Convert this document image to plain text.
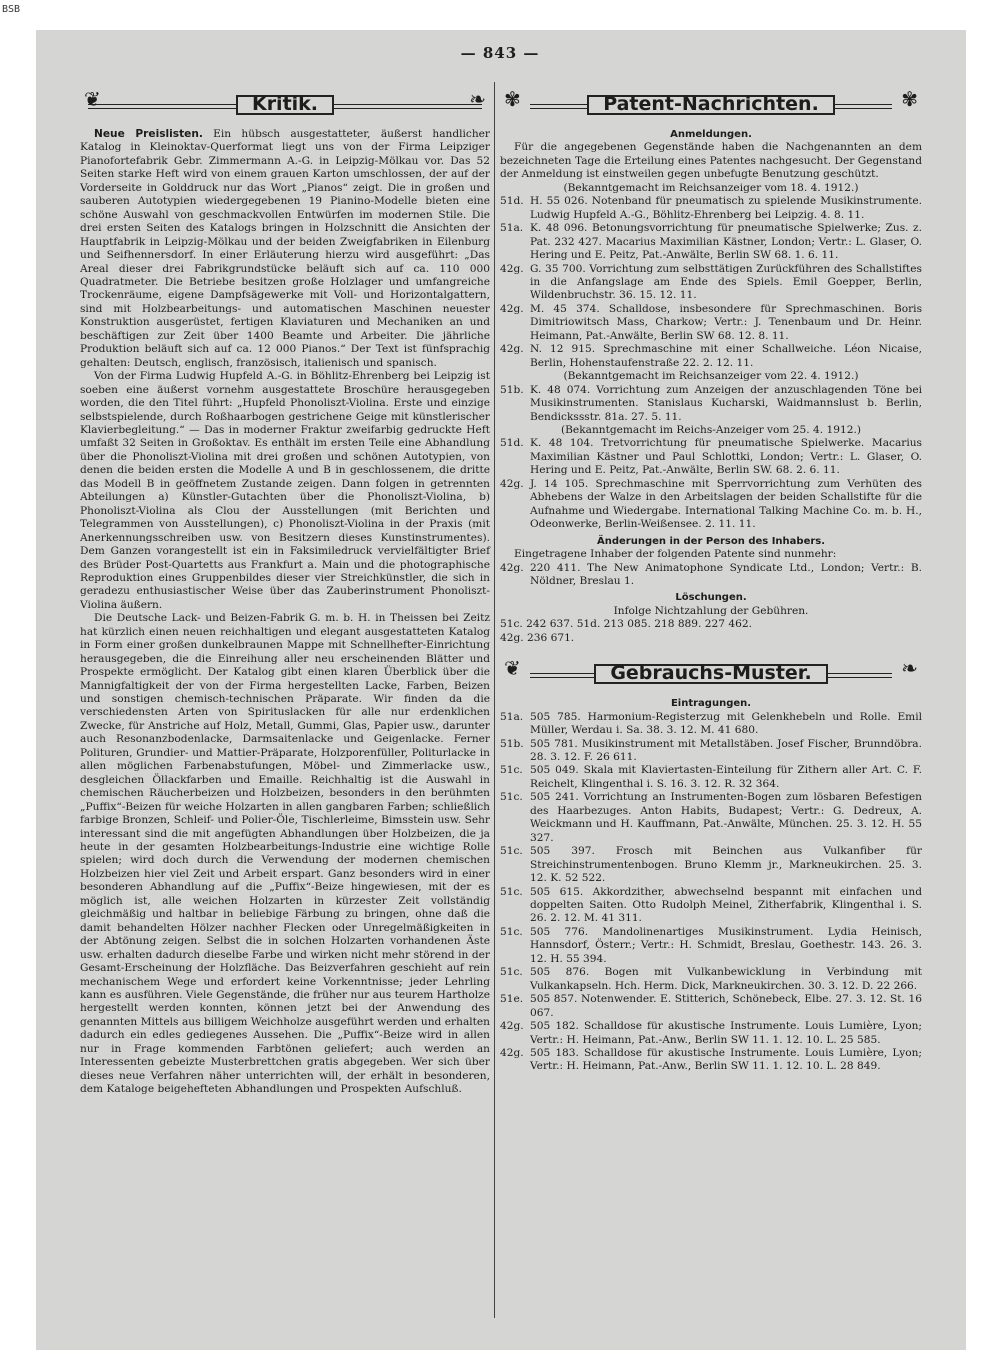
BSB
— 843 —
❦	Kritik.	❧

Neue Preislisten. Ein hübsch ausgestatteter, äußerst handlicher Katalog in Kleinoktav-Querformat liegt uns von der Firma Leipziger Pianofortefabrik Gebr. Zimmermann A.-G. in Leipzig-Mölkau vor. Das 52 Seiten starke Heft wird von einem grauen Karton umschlossen, der auf der Vorderseite in Golddruck nur das Wort „Pianos“ zeigt. Die in großen und sauberen Autotypien wiedergegebenen 19 Pianino-Modelle bieten eine schöne Auswahl von geschmackvollen Entwürfen im modernen Stile. Die drei ersten Seiten des Katalogs bringen in Holzschnitt die Ansichten der Hauptfabrik in Leipzig-Mölkau und der beiden Zweigfabriken in Eilenburg und Seifhennersdorf. In einer Erläuterung hierzu wird ausgeführt: „Das Areal dieser drei Fabrikgrundstücke beläuft sich auf ca. 110 000 Quadratmeter. Die Betriebe besitzen große Holzlager und umfangreiche Trockenräume, eigene Dampfsägewerke mit Voll- und Horizontalgattern, sind mit Holzbearbeitungs- und automatischen Maschinen neuester Konstruktion ausgerüstet, fertigen Klaviaturen und Mechaniken an und beschäftigen zur Zeit über 1400 Beamte und Arbeiter. Die jährliche Produktion beläuft sich auf ca. 12 000 Pianos.“ Der Text ist fünfsprachig gehalten: Deutsch, englisch, französisch, italienisch und spanisch.

Von der Firma Ludwig Hupfeld A.-G. in Böhlitz-Ehrenberg bei Leipzig ist soeben eine äußerst vornehm ausgestattete Broschüre herausgegeben worden, die den Titel führt: „Hupfeld Phonoliszt-Violina. Erste und einzige selbstspielende, durch Roßhaarbogen gestrichene Geige mit künstlerischer Klavierbegleitung.“ — Das in moderner Fraktur zweifarbig gedruckte Heft umfaßt 32 Seiten in Großoktav. Es enthält im ersten Teile eine Abhandlung über die Phonoliszt-Violina mit drei großen und schönen Autotypien, von denen die beiden ersten die Modelle A und B in geschlossenem, die dritte das Modell B in geöffnetem Zustande zeigen. Dann folgen in getrennten Abteilungen a) Künstler-Gutachten über die Phonoliszt-Violina, b) Phonoliszt-Violina als Clou der Ausstellungen (mit Berichten und Telegrammen von Ausstellungen), c) Phonoliszt-Violina in der Praxis (mit Anerkennungsschreiben usw. von Besitzern dieses Kunstinstrumentes). Dem Ganzen vorangestellt ist ein in Faksimiledruck vervielfältigter Brief des Brüder Post-Quartetts aus Frankfurt a. Main und die photographische Reproduktion eines Gruppenbildes dieser vier Streichkünstler, die sich in geradezu enthusiastischer Weise über das Zauberinstrument Phonoliszt-Violina äußern.

Die Deutsche Lack- und Beizen-Fabrik G. m. b. H. in Theissen bei Zeitz hat kürzlich einen neuen reichhaltigen und elegant ausgestatteten Katalog in Form einer großen dunkelbraunen Mappe mit Schnellhefter-Einrichtung herausgegeben, die die Einreihung aller neu erscheinenden Blätter und Prospekte ermöglicht. Der Katalog gibt einen klaren Überblick über die Mannigfaltigkeit der von der Firma hergestellten Lacke, Farben, Beizen und sonstigen chemisch-technischen Präparate. Wir finden da die verschiedensten Arten von Spirituslacken für alle nur erdenklichen Zwecke, für Anstriche auf Holz, Metall, Gummi, Glas, Papier usw., darunter auch Resonanzbodenlacke, Darmsaitenlacke und Geigenlacke. Ferner Polituren, Grundier- und Mattier-Präparate, Holzporenfüller, Politurlacke in allen möglichen Farbenabstufungen, Möbel- und Zimmerlacke usw., desgleichen Öllackfarben und Emaille. Reichhaltig ist die Auswahl in chemischen Räucherbeizen und Holzbeizen, besonders in den berühmten „Puffix“-Beizen für weiche Holzarten in allen gangbaren Farben; schließlich farbige Bronzen, Schleif- und Polier-Öle, Tischlerleime, Bimsstein usw. Sehr interessant sind die mit angefügten Abhandlungen über Holzbeizen, die ja heute in der gesamten Holzbearbeitungs-Industrie eine wichtige Rolle spielen; wird doch durch die Verwendung der modernen chemischen Holzbeizen hier viel Zeit und Arbeit erspart. Ganz besonders wird in einer besonderen Abhandlung auf die „Puffix“-Beize hingewiesen, mit der es möglich ist, alle weichen Holzarten in kürzester Zeit vollständig gleichmäßig und haltbar in beliebige Färbung zu bringen, ohne daß die damit behandelten Hölzer nachher Flecken oder Unregelmäßigkeiten in der Abtönung zeigen. Selbst die in solchen Holzarten vorhandenen Äste usw. erhalten dadurch dieselbe Farbe und wirken nicht mehr störend in der Gesamt-Erscheinung der Holzfläche. Das Beizverfahren geschieht auf rein mechanischem Wege und erfordert keine Vorkenntnisse; jeder Lehrling kann es ausführen. Viele Gegenstände, die früher nur aus teurem Hartholze hergestellt werden konnten, können jetzt bei der Anwendung des genannten Mittels aus billigem Weichholze ausgeführt werden und erhalten dadurch ein edles gediegenes Aussehen. Die „Puffix“-Beize wird in allen nur in Frage kommenden Farbtönen geliefert; auch werden an Interessenten gebeizte Musterbrettchen gratis abgegeben. Wer sich über dieses neue Verfahren näher unterrichten will, der erhält in besonderen, dem Kataloge beigehefteten Abhandlungen und Prospekten Aufschluß.

✾	Patent-Nachrichten.	✾
Anmeldungen.

Für die angegebenen Gegenstände haben die Nachgenannten an dem bezeichneten Tage die Erteilung eines Patentes nachgesucht. Der Gegenstand der Anmeldung ist einstweilen gegen unbefugte Benutzung geschützt.

(Bekanntgemacht im Reichsanzeiger vom 18. 4. 1912.)

51d. H. 55 026. Notenband für pneumatisch zu spielende Musikinstrumente. Ludwig Hupfeld A.-G., Böhlitz-Ehrenberg bei Leipzig. 4. 8. 11.
51a. K. 48 096. Betonungsvorrichtung für pneumatische Spielwerke; Zus. z. Pat. 232 427. Macarius Maximilian Kästner, London; Vertr.: L. Glaser, O. Hering und E. Peitz, Pat.-Anwälte, Berlin SW 68. 1. 6. 11.
42g. G. 35 700. Vorrichtung zum selbsttätigen Zurückführen des Schallstiftes in die Anfangslage am Ende des Spiels. Emil Goepper, Berlin, Wildenbruchstr. 36. 15. 12. 11.
42g. M. 45 374. Schalldose, insbesondere für Sprechmaschinen. Boris Dimitriowitsch Mass, Charkow; Vertr.: J. Tenenbaum und Dr. Heinr. Heimann, Pat.-Anwälte, Berlin SW 68. 12. 8. 11.
42g. N. 12 915. Sprechmaschine mit einer Schallweiche. Léon Nicaise, Berlin, Hohenstaufenstraße 22. 2. 12. 11.

(Bekanntgemacht im Reichsanzeiger vom 22. 4. 1912.)

51b. K. 48 074. Vorrichtung zum Anzeigen der anzuschlagenden Töne bei Musikinstrumenten. Stanislaus Kucharski, Waidmannslust b. Berlin, Bendickssstr. 81a. 27. 5. 11.

(Bekanntgemacht im Reichs-Anzeiger vom 25. 4. 1912.)

51d. K. 48 104. Tretvorrichtung für pneumatische Spielwerke. Macarius Maximilian Kästner und Paul Schlottki, London; Vertr.: L. Glaser, O. Hering und E. Peitz, Pat.-Anwälte, Berlin SW. 68. 2. 6. 11.
42g. J. 14 105. Sprechmaschine mit Sperrvorrichtung zum Verhüten des Abhebens der Walze in den Arbeitslagen der beiden Schallstifte für die Aufnahme und Wiedergabe. International Talking Machine Co. m. b. H., Odeonwerke, Berlin-Weißensee. 2. 11. 11.
Änderungen in der Person des Inhabers.

Eingetragene Inhaber der folgenden Patente sind nunmehr:

42g. 220 411. The New Animatophone Syndicate Ltd., London; Vertr.: B. Nöldner, Breslau 1.
Löschungen.

Infolge Nichtzahlung der Gebühren.

51c. 242 637. 51d. 213 085. 218 889. 227 462.

42g. 236 671.

❦	Gebrauchs-Muster.	❧
Eintragungen.
51a. 505 785. Harmonium-Registerzug mit Gelenkhebeln und Rolle. Emil Müller, Werdau i. Sa. 38. 3. 12. M. 41 680.
51b. 505 781. Musikinstrument mit Metallstäben. Josef Fischer, Brunndöbra. 28. 3. 12. F. 26 611.
51c. 505 049. Skala mit Klaviertasten-Einteilung für Zithern aller Art. C. F. Reichelt, Klingenthal i. S. 16. 3. 12. R. 32 364.
51c. 505 241. Vorrichtung an Instrumenten-Bogen zum lösbaren Befestigen des Haarbezuges. Anton Habits, Budapest; Vertr.: G. Dedreux, A. Weickmann und H. Kauffmann, Pat.-Anwälte, München. 25. 3. 12. H. 55 327.
51c. 505 397. Frosch mit Beinchen aus Vulkanfiber für Streichinstrumentenbogen. Bruno Klemm jr., Markneukirchen. 25. 3. 12. K. 52 522.
51c. 505 615. Akkordzither, abwechselnd bespannt mit einfachen und doppelten Saiten. Otto Rudolph Meinel, Zitherfabrik, Klingenthal i. S. 26. 2. 12. M. 41 311.
51c. 505 776. Mandolinenartiges Musikinstrument. Lydia Heinisch, Hannsdorf, Österr.; Vertr.: H. Schmidt, Breslau, Goethestr. 143. 26. 3. 12. H. 55 394.
51c. 505 876. Bogen mit Vulkanbewicklung in Verbindung mit Vulkankapseln. Hch. Herm. Dick, Markneukirchen. 30. 3. 12. D. 22 266.
51e. 505 857. Notenwender. E. Stitterich, Schönebeck, Elbe. 27. 3. 12. St. 16 067.
42g. 505 182. Schalldose für akustische Instrumente. Louis Lumière, Lyon; Vertr.: H. Heimann, Pat.-Anw., Berlin SW 11. 1. 12. 10. L. 25 585.
42g. 505 183. Schalldose für akustische Instrumente. Louis Lumière, Lyon; Vertr.: H. Heimann, Pat.-Anw., Berlin SW 11. 1. 12. 10. L. 28 849.
